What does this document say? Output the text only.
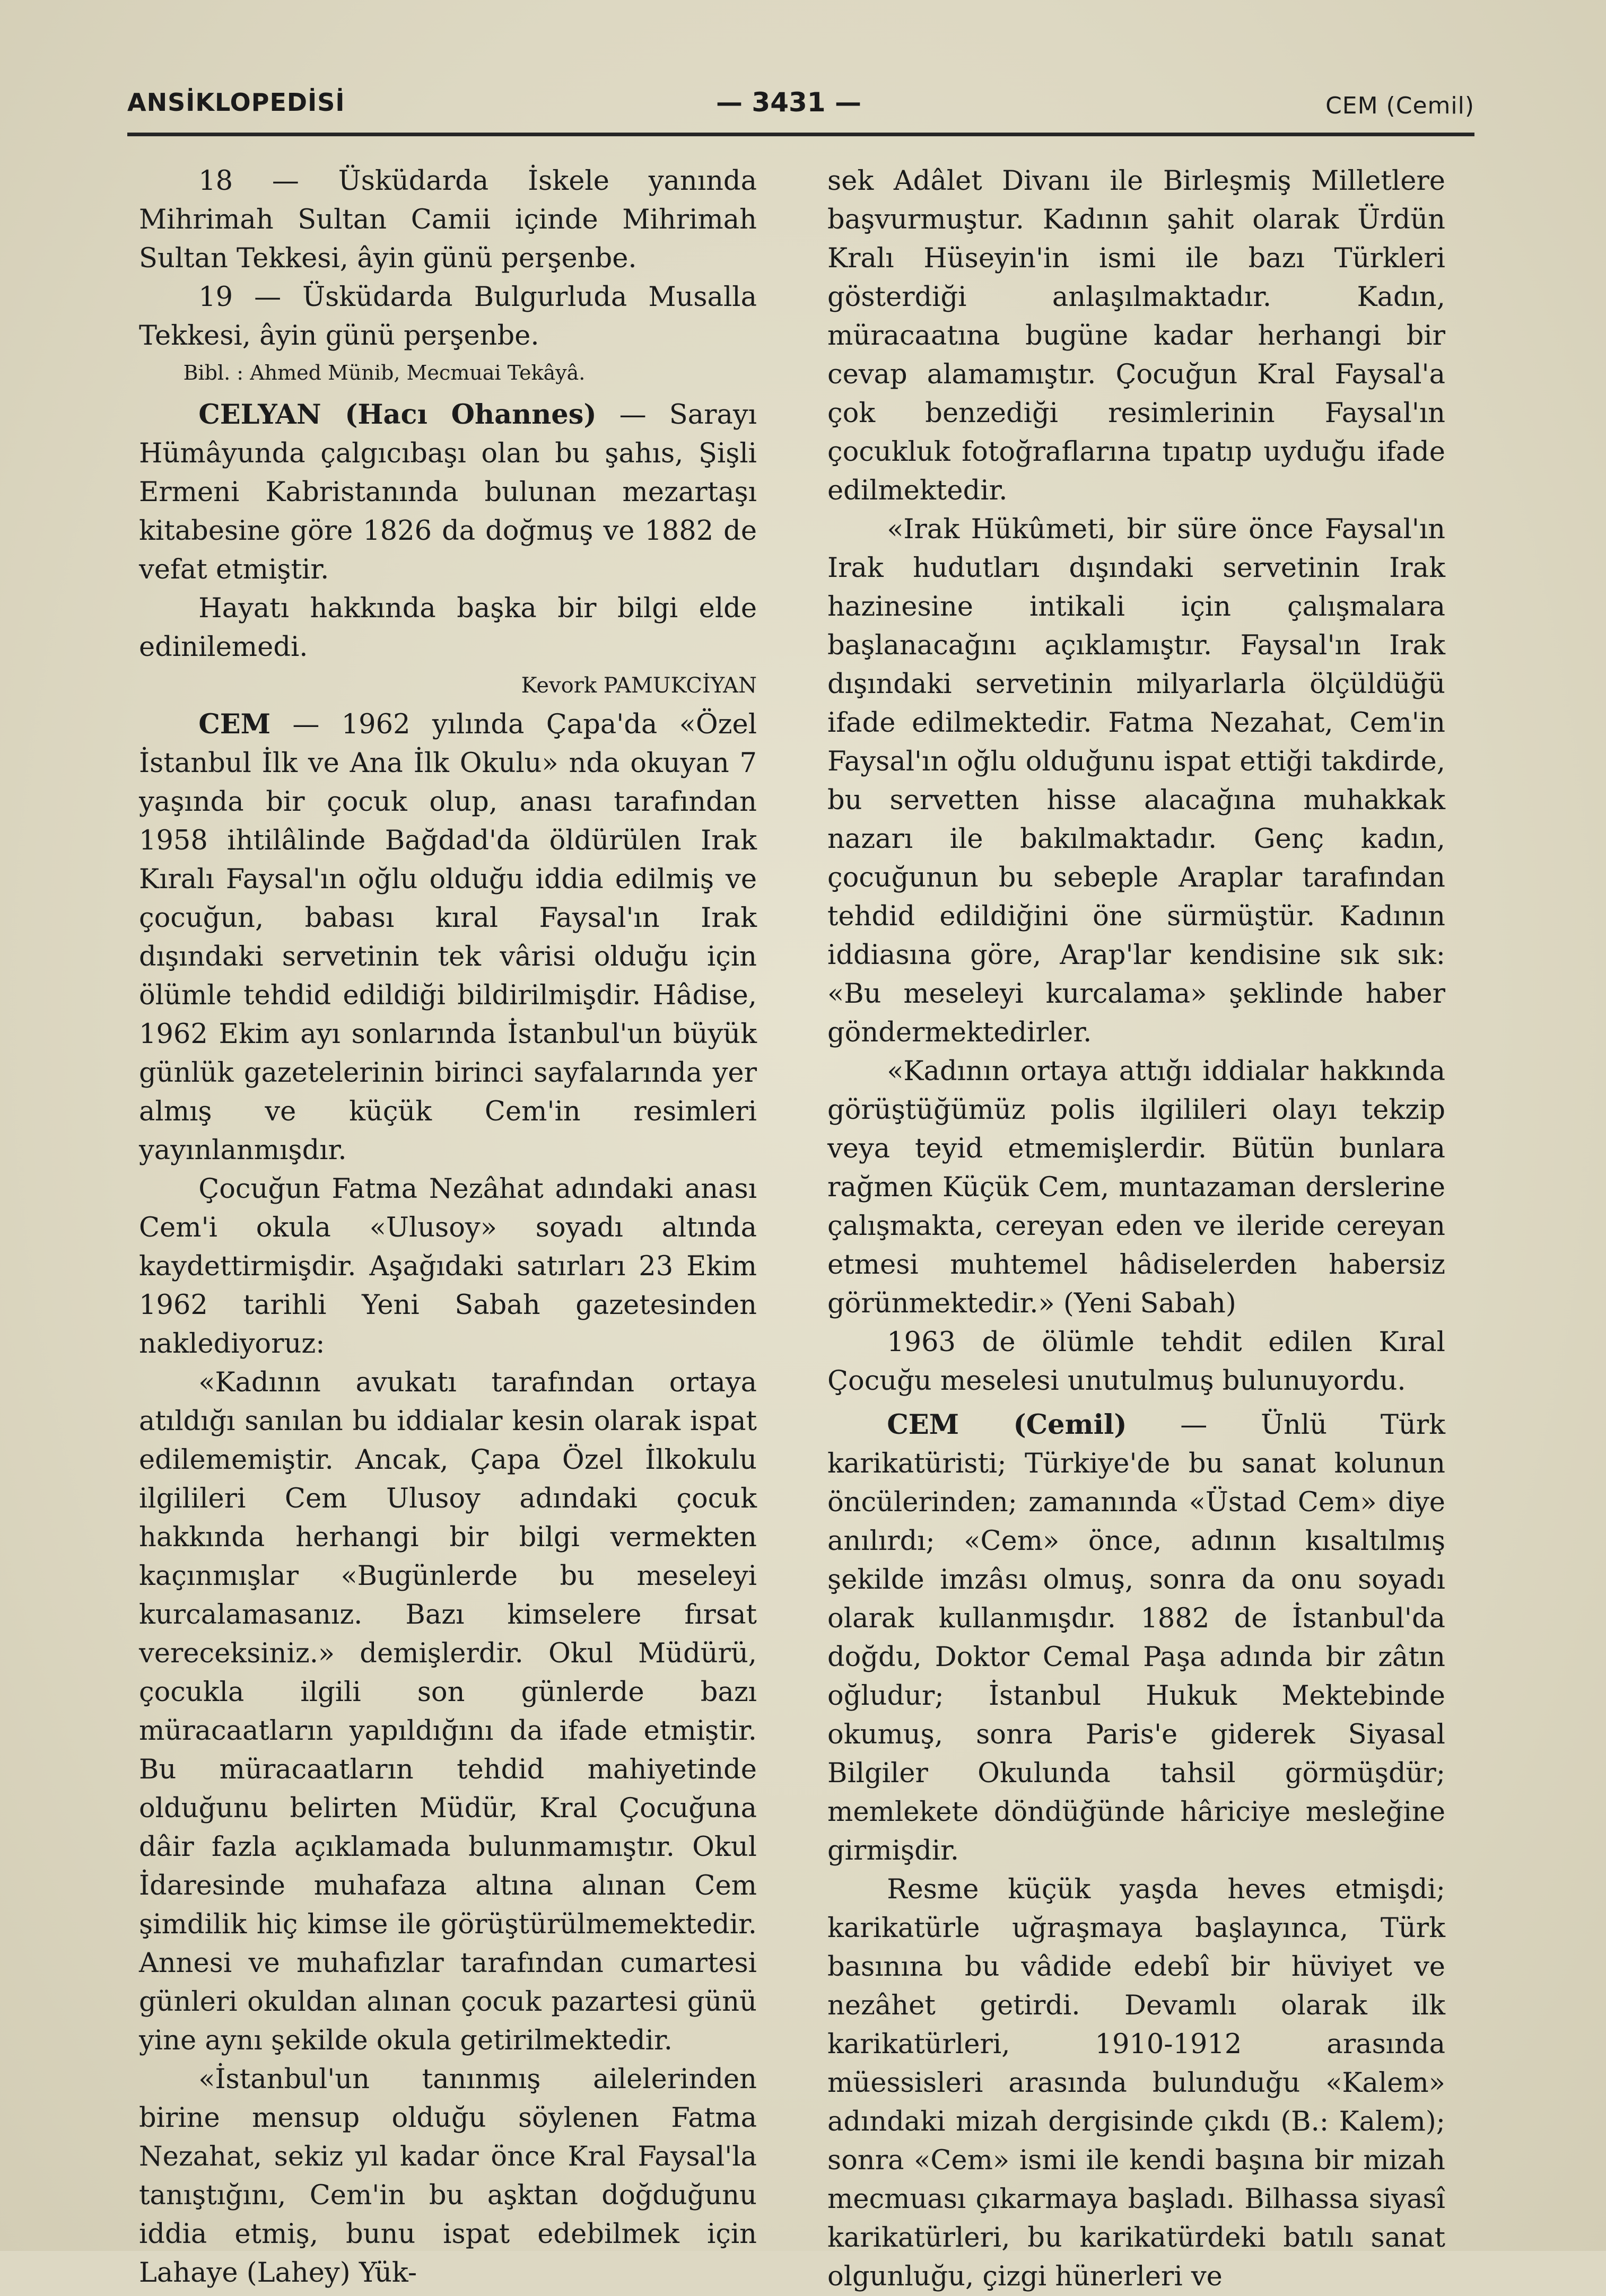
ANSİKLOPEDİSİ	— 3431 —	CEM (Cemil)

18 — Üsküdarda İskele yanında Mihrimah Sultan Camii içinde Mihrimah Sultan Tekkesi, âyin günü perşenbe.

19 — Üsküdarda Bulgurluda Musalla Tekkesi, âyin günü perşenbe.

Bibl. : Ahmed Münib, Mecmuai Tekâyâ.

CELYAN (Hacı Ohannes) — Sarayı Hümâyunda çalgıcıbaşı olan bu şahıs, Şişli Ermeni Kabristanında bulunan mezartaşı kitabesine göre 1826 da doğmuş ve 1882 de vefat etmiştir.

Hayatı hakkında başka bir bilgi elde edinilemedi.

Kevork PAMUKCİYAN

CEM — 1962 yılında Çapa'da «Özel İstanbul İlk ve Ana İlk Okulu» nda okuyan 7 yaşında bir çocuk olup, anası tarafından 1958 ihtilâlinde Bağdad'da öldürülen Irak Kıralı Faysal'ın oğlu olduğu iddia edilmiş ve çocuğun, babası kıral Faysal'ın Irak dışındaki servetinin tek vârisi olduğu için ölümle tehdid edildiği bildirilmişdir. Hâdise, 1962 Ekim ayı sonlarında İstanbul'un büyük günlük gazetelerinin birinci sayfalarında yer almış ve küçük Cem'in resimleri yayınlanmışdır.

Çocuğun Fatma Nezâhat adındaki anası Cem'i okula «Ulusoy» soyadı altında kaydettirmişdir. Aşağıdaki satırları 23 Ekim 1962 tarihli Yeni Sabah gazetesinden naklediyoruz:

«Kadının avukatı tarafından ortaya atıldığı sanılan bu iddialar kesin olarak ispat edilememiştir. Ancak, Çapa Özel İlkokulu ilgilileri Cem Ulusoy adındaki çocuk hakkında herhangi bir bilgi vermekten kaçınmışlar «Bugünlerde bu meseleyi kurcalamasanız. Bazı kimselere fırsat vereceksiniz.» demişlerdir. Okul Müdürü, çocukla ilgili son günlerde bazı müracaatların yapıldığını da ifade etmiştir. Bu müracaatların tehdid mahiyetinde olduğunu belirten Müdür, Kral Çocuğuna dâir fazla açıklamada bulunmamıştır. Okul İdaresinde muhafaza altına alınan Cem şimdilik hiç kimse ile görüştürülmemektedir. Annesi ve muhafızlar tarafından cumartesi günleri okuldan alınan çocuk pazartesi günü yine aynı şekilde okula getirilmektedir.

«İstanbul'un tanınmış ailelerinden birine mensup olduğu söylenen Fatma Nezahat, sekiz yıl kadar önce Kral Faysal'la tanıştığını, Cem'in bu aşktan doğduğunu iddia etmiş, bunu ispat edebilmek için Lahaye (Lahey) Yük-

sek Adâlet Divanı ile Birleşmiş Milletlere başvurmuştur. Kadının şahit olarak Ürdün Kralı Hüseyin'in ismi ile bazı Türkleri gösterdiği anlaşılmaktadır. Kadın, müracaatına bugüne kadar herhangi bir cevap alamamıştır. Çocuğun Kral Faysal'a çok benzediği resimlerinin Faysal'ın çocukluk fotoğraflarına tıpatıp uyduğu ifade edilmektedir.

«Irak Hükûmeti, bir süre önce Faysal'ın Irak hudutları dışındaki servetinin Irak hazinesine intikali için çalışmalara başlanacağını açıklamıştır. Faysal'ın Irak dışındaki servetinin milyarlarla ölçüldüğü ifade edilmektedir. Fatma Nezahat, Cem'in Faysal'ın oğlu olduğunu ispat ettiği takdirde, bu servetten hisse alacağına muhakkak nazarı ile bakılmaktadır. Genç kadın, çocuğunun bu sebeple Araplar tarafından tehdid edildiğini öne sürmüştür. Kadının iddiasına göre, Arap'lar kendisine sık sık: «Bu meseleyi kurcalama» şeklinde haber göndermektedirler.

«Kadının ortaya attığı iddialar hakkında görüştüğümüz polis ilgilileri olayı tekzip veya teyid etmemişlerdir. Bütün bunlara rağmen Küçük Cem, muntazaman derslerine çalışmakta, cereyan eden ve ileride cereyan etmesi muhtemel hâdiselerden habersiz görünmektedir.» (Yeni Sabah)

1963 de ölümle tehdit edilen Kıral Çocuğu meselesi unutulmuş bulunuyordu.

CEM (Cemil) — Ünlü Türk karikatüristi; Türkiye'de bu sanat kolunun öncülerinden; zamanında «Üstad Cem» diye anılırdı; «Cem» önce, adının kısaltılmış şekilde imzâsı olmuş, sonra da onu soyadı olarak kullanmışdır. 1882 de İstanbul'da doğdu, Doktor Cemal Paşa adında bir zâtın oğludur; İstanbul Hukuk Mektebinde okumuş, sonra Paris'e giderek Siyasal Bilgiler Okulunda tahsil görmüşdür; memlekete döndüğünde hâriciye mesleğine girmişdir.

Resme küçük yaşda heves etmişdi; karikatürle uğraşmaya başlayınca, Türk basınına bu vâdide edebî bir hüviyet ve nezâhet getirdi. Devamlı olarak ilk karikatürleri, 1910-1912 arasında müessisleri arasında bulunduğu «Kalem» adındaki mizah dergisinde çıkdı (B.: Kalem); sonra «Cem» ismi ile kendi başına bir mizah mecmuası çıkarmaya başladı. Bilhassa siyasî karikatürleri, bu karikatürdeki batılı sanat olgunluğu, çizgi hünerleri ve
